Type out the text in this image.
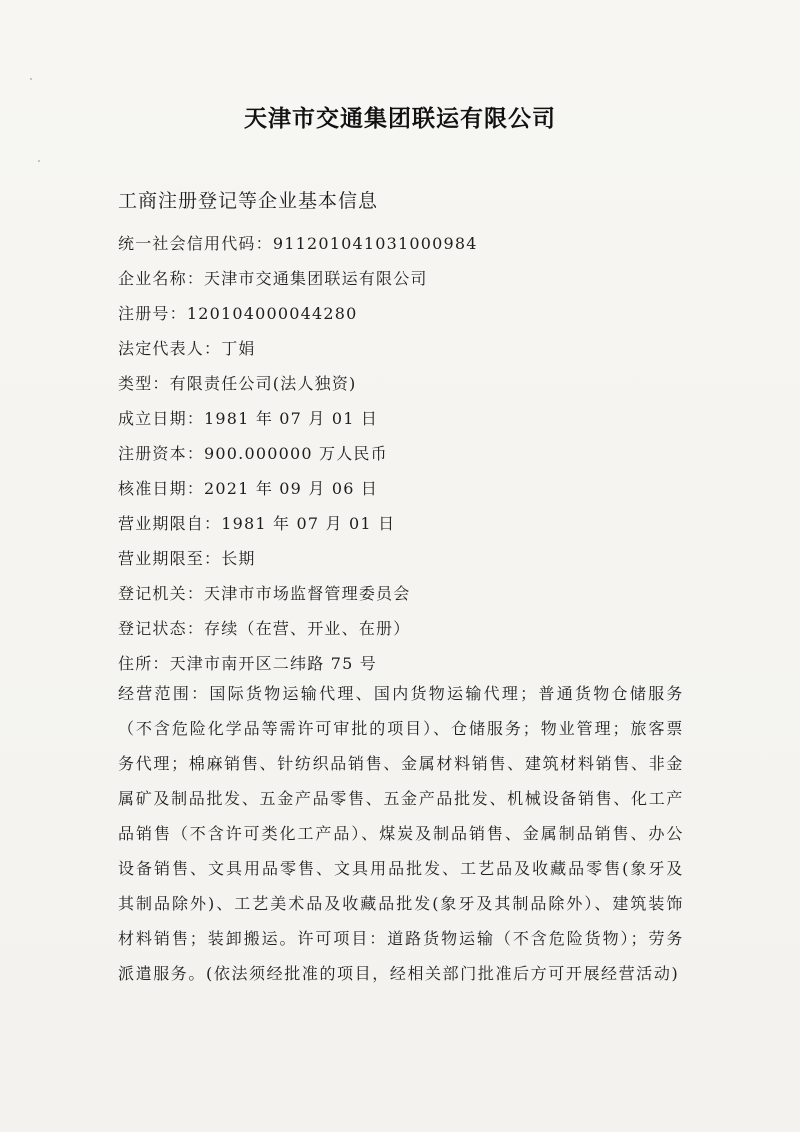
天津市交通集团联运有限公司
工商注册登记等企业基本信息
统一社会信用代码：911201041031000984
企业名称：天津市交通集团联运有限公司
注册号：120104000044280
法定代表人：丁娟
类型：有限责任公司(法人独资)
成立日期：1981 年 07 月 01 日
注册资本：900.000000 万人民币
核准日期：2021 年 09 月 06 日
营业期限自：1981 年 07 月 01 日
营业期限至：长期
登记机关：天津市市场监督管理委员会
登记状态：存续（在营、开业、在册）
住所：天津市南开区二纬路 75 号
经营范围：国际货物运输代理、国内货物运输代理；普通货物仓储服务（不含危险化学品等需许可审批的项目）、仓储服务；物业管理；旅客票务代理；棉麻销售、针纺织品销售、金属材料销售、建筑材料销售、非金属矿及制品批发、五金产品零售、五金产品批发、机械设备销售、化工产品销售（不含许可类化工产品）、煤炭及制品销售、金属制品销售、办公设备销售、文具用品零售、文具用品批发、工艺品及收藏品零售(象牙及其制品除外)、工艺美术品及收藏品批发(象牙及其制品除外）、建筑装饰材料销售；装卸搬运。许可项目：道路货物运输（不含危险货物）；劳务派遣服务。(依法须经批准的项目，经相关部门批准后方可开展经营活动)
